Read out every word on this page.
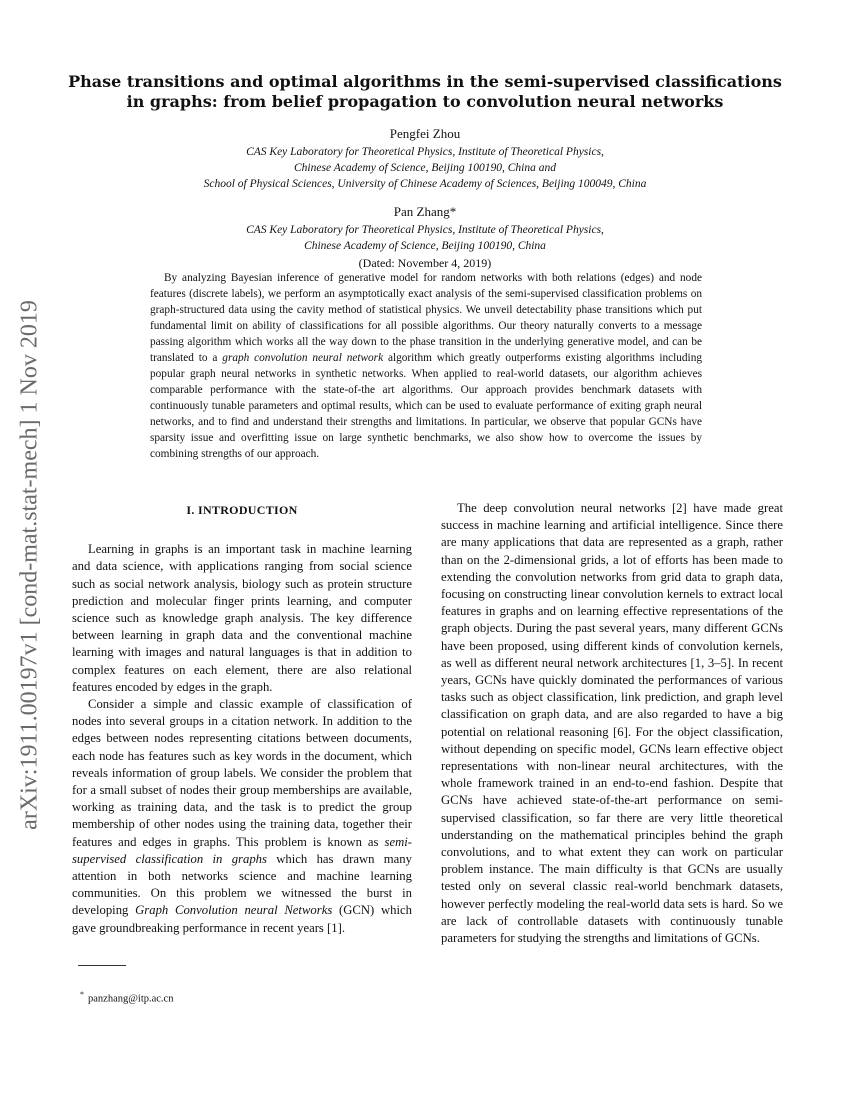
arXiv:1911.00197v1 [cond-mat.stat-mech] 1 Nov 2019
Phase transitions and optimal algorithms in the semi-supervised classifications in graphs: from belief propagation to convolution neural networks
Pengfei Zhou
CAS Key Laboratory for Theoretical Physics, Institute of Theoretical Physics,
Chinese Academy of Science, Beijing 100190, China and
School of Physical Sciences, University of Chinese Academy of Sciences, Beijing 100049, China
Pan Zhang*
CAS Key Laboratory for Theoretical Physics, Institute of Theoretical Physics,
Chinese Academy of Science, Beijing 100190, China
(Dated: November 4, 2019)

By analyzing Bayesian inference of generative model for random networks with both relations (edges) and node features (discrete labels), we perform an asymptotically exact analysis of the semi-supervised classification problems on graph-structured data using the cavity method of statistical physics. We unveil detectability phase transitions which put fundamental limit on ability of classifications for all possible algorithms. Our theory naturally converts to a message passing algorithm which works all the way down to the phase transition in the underlying generative model, and can be translated to a graph convolution neural network algorithm which greatly outperforms existing algorithms including popular graph neural networks in synthetic networks. When applied to real-world datasets, our algorithm achieves comparable performance with the state-of-the art algorithms. Our approach provides benchmark datasets with continuously tunable parameters and optimal results, which can be used to evaluate performance of exiting graph neural networks, and to find and understand their strengths and limitations. In particular, we observe that popular GCNs have sparsity issue and overfitting issue on large synthetic benchmarks, we also show how to overcome the issues by combining strengths of our approach.

I. INTRODUCTION

Learning in graphs is an important task in machine learning and data science, with applications ranging from social science such as social network analysis, biology such as protein structure prediction and molecular finger prints learning, and computer science such as knowledge graph analysis. The key difference between learning in graph data and the conventional machine learning with images and natural languages is that in addition to complex features on each element, there are also relational features encoded by edges in the graph.

Consider a simple and classic example of classification of nodes into several groups in a citation network. In addition to the edges between nodes representing citations between documents, each node has features such as key words in the document, which reveals information of group labels. We consider the problem that for a small subset of nodes their group memberships are available, working as training data, and the task is to predict the group membership of other nodes using the training data, together their features and edges in graphs. This problem is known as semi-supervised classification in graphs which has drawn many attention in both networks science and machine learning communities. On this problem we witnessed the burst in developing Graph Convolution neural Networks (GCN) which gave groundbreaking performance in recent years [1].

The deep convolution neural networks [2] have made great success in machine learning and artificial intelligence. Since there are many applications that data are represented as a graph, rather than on the 2-dimensional grids, a lot of efforts has been made to extending the convolution networks from grid data to graph data, focusing on constructing linear convolution kernels to extract local features in graphs and on learning effective representations of the graph objects. During the past several years, many different GCNs have been proposed, using different kinds of convolution kernels, as well as different neural network architectures [1, 3–5]. In recent years, GCNs have quickly dominated the performances of various tasks such as object classification, link prediction, and graph level classification on graph data, and are also regarded to have a big potential on relational reasoning [6]. For the object classification, without depending on specific model, GCNs learn effective object representations with non-linear neural architectures, with the whole framework trained in an end-to-end fashion. Despite that GCNs have achieved state-of-the-art performance on semi-supervised classification, so far there are very little theoretical understanding on the mathematical principles behind the graph convolutions, and to what extent they can work on particular problem instance. The main difficulty is that GCNs are usually tested only on several classic real-world benchmark datasets, however perfectly modeling the real-world data sets is hard. So we are lack of controllable datasets with continuously tunable parameters for studying the strengths and limitations of GCNs.

* panzhang@itp.ac.cn
